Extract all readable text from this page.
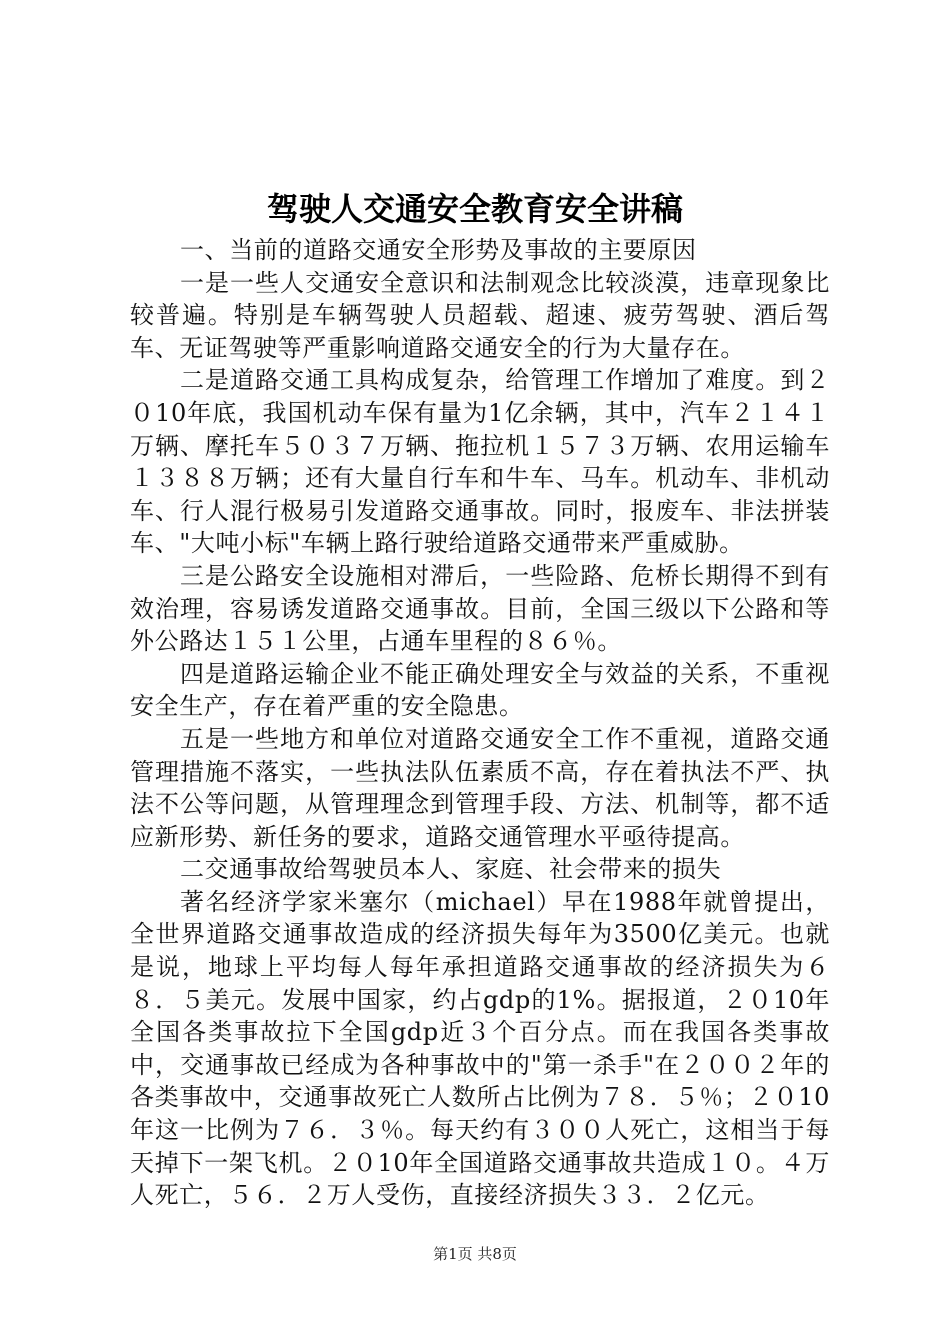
驾驶人交通安全教育安全讲稿

一、当前的道路交通安全形势及事故的主要原因

一是一些人交通安全意识和法制观念比较淡漠，违章现象比较普遍。特别是车辆驾驶人员超载、超速、疲劳驾驶、酒后驾车、无证驾驶等严重影响道路交通安全的行为大量存在。

二是道路交通工具构成复杂，给管理工作增加了难度。到２０10年底，我国机动车保有量为1亿余辆，其中，汽车２１４１万辆、摩托车５０３７万辆、拖拉机１５７３万辆、农用运输车１３８８万辆；还有大量自行车和牛车、马车。机动车、非机动车、行人混行极易引发道路交通事故。同时，报废车、非法拼装车、"大吨小标"车辆上路行驶给道路交通带来严重威胁。

三是公路安全设施相对滞后，一些险路、危桥长期得不到有效治理，容易诱发道路交通事故。目前，全国三级以下公路和等外公路达１５１公里，占通车里程的８６％。

四是道路运输企业不能正确处理安全与效益的关系，不重视安全生产，存在着严重的安全隐患。

五是一些地方和单位对道路交通安全工作不重视，道路交通管理措施不落实，一些执法队伍素质不高，存在着执法不严、执法不公等问题，从管理理念到管理手段、方法、机制等，都不适应新形势、新任务的要求，道路交通管理水平亟待提高。

二交通事故给驾驶员本人、家庭、社会带来的损失

著名经济学家米塞尔（michael）早在1988年就曾提出，全世界道路交通事故造成的经济损失每年为3500亿美元。也就是说，地球上平均每人每年承担道路交通事故的经济损失为６８．５美元。发展中国家，约占gdp的1%。据报道，２０10年全国各类事故拉下全国gdp近３个百分点。而在我国各类事故中，交通事故已经成为各种事故中的"第一杀手"在２００２年的各类事故中，交通事故死亡人数所占比例为７８．５％；２０10年这一比例为７６．３％。每天约有３００人死亡，这相当于每天掉下一架飞机。２０10年全国道路交通事故共造成１０。４万人死亡，５６．２万人受伤，直接经济损失３３．２亿元。

第1页 共8页
